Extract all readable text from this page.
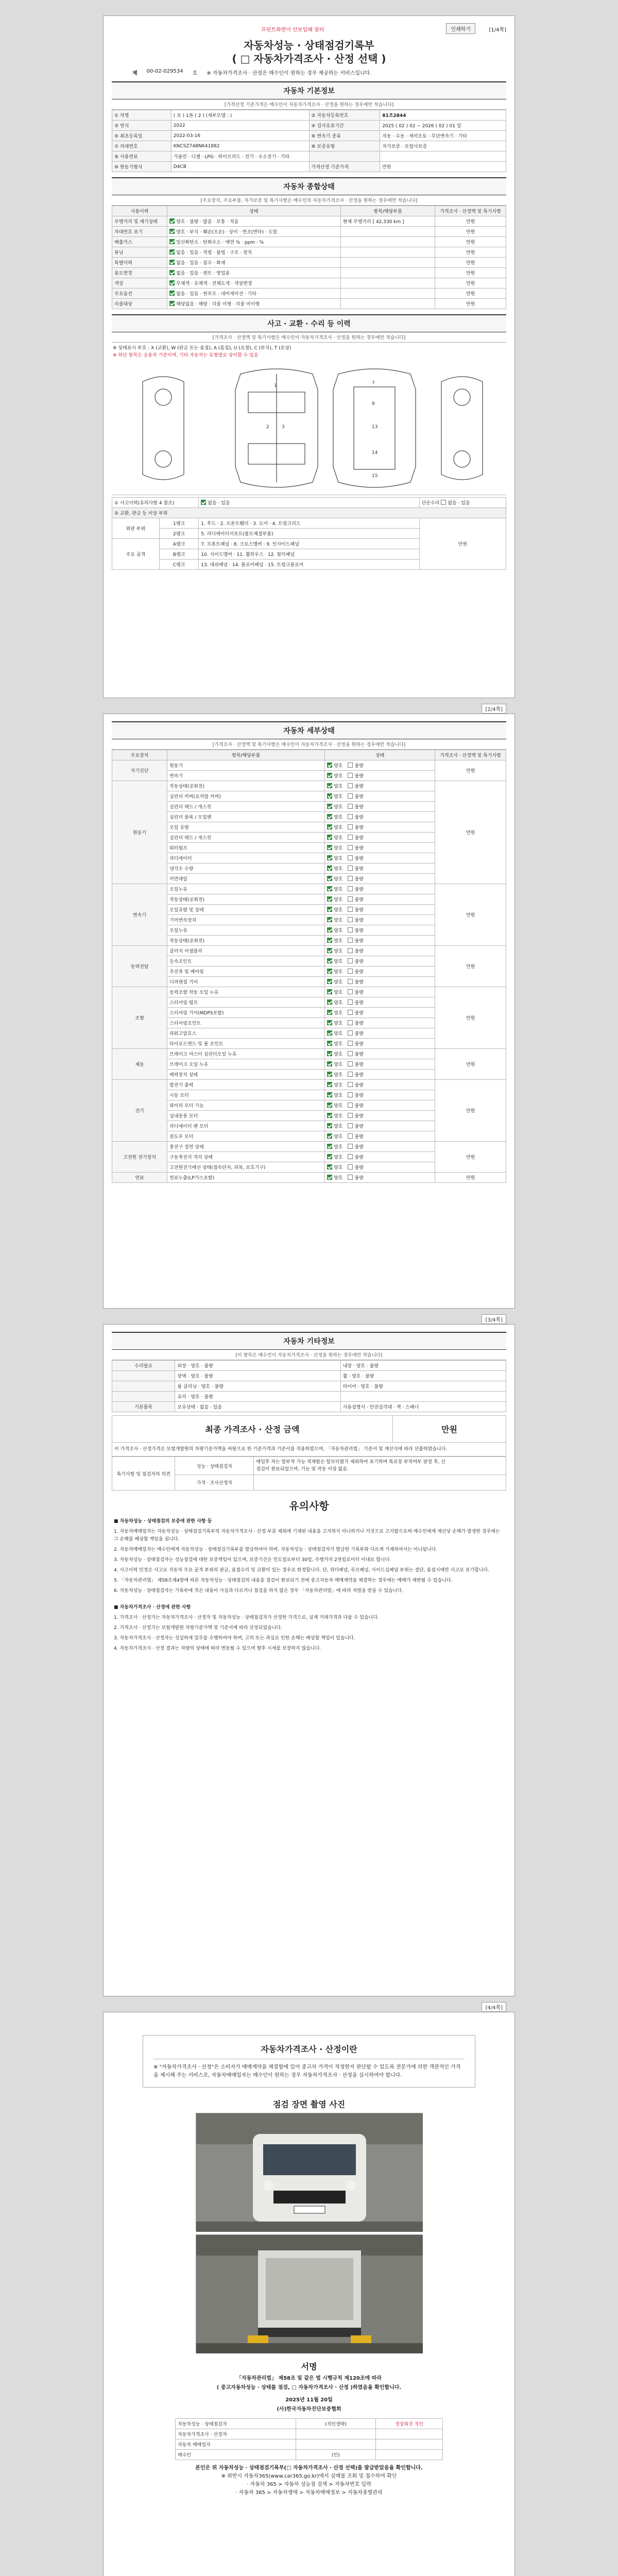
프린트화면이 안보일때 필터	인쇄하기	[1/4쪽]
자동차성능 · 상태점검기록부
( □ 자동차가격조사 · 산정 선택 )
제 00-02-029534 호 ※ 자동차가격조사 · 산정은 매수인이 원하는 경우 제공하는 서비스입니다.
자동차 기본정보
[가격산정 기준가격은 매수인이 자동차가격조사 · 산정을 원하는 경우에만 적습니다]
① 차명	( 포 ) 1톤 ( 2 ) (세부모델 : )	② 자동차등록번호	81조2844
③ 연식	2022	④ 검사유효기간	2025 ( 02 ) 02 ~ 2026 ( 02 ) 01 일
⑤ 최초등록일	2022-03-16	⑥ 변속기 종류	자동 · 수동 · 세미오토 · 무단변속기 · 기타
⑦ 차대번호	KNCSZ74BNK41882	⑧ 보증유형	자가보증 · 보험사보증
⑨ 사용연료	가솔린 · 디젤 · LPG · 하이브리드 · 전기 · 수소전기 · 기타		
⑩ 원동기형식	D4CB	가격산정 기준가격	만원
자동차 종합상태
[주요장치, 주요부품, 자가보증 및 특기사항은 매수인의 자동차가격조사 · 산정을 원하는 경우에만 적습니다]
사용이력	상태	항목/해당부품	가격조사 · 산정액 및 특기사항
주행거리 및 계기상태	양호 · 불량 · 많음 · 보통 · 적음	현재 주행거리 [ 42,330 km ]	만원
차대번호 표기	양호 · 부식 · 훼손(오손) · 상이 · 변조(변타) · 도말		만원
배출가스	일산화탄소 · 탄화수소 · 매연 % · ppm · %		만원
튜닝	없음 · 있음 · 적법 · 불법 · 구조 · 장치		만원
특별이력	없음 · 있음 · 침수 · 화재		만원
용도변경	없음 · 있음 · 렌트 · 영업용		만원
색상	무채색 · 유채색 · 전체도색 · 색상변경		만원
주요옵션	없음 · 있음 · 썬루프 · 네비게이션 · 기타		만원
리콜대상	해당없음 · 해당 · 리콜 이행 · 리콜 미이행		만원
사고 · 교환 · 수리 등 이력
[가격조사 · 산정액 및 특기사항은 매수인이 자동차가격조사 · 산정을 원하는 경우에만 적습니다]
※ 상태표시 부호 : X (교환), W (판금 또는 용접), A (흠집), U (요철), C (부식), T (손상)
※ 하단 항목은 승용차 기준이며, 기타 자동차는 유형별로 상이할 수 있음
1
2	3
7
8
13
14
15
① 사고이력(유의사항 4 참조)		없음 · 있음	단순수리 없음 · 있음
② 교환, 판금 등 이상 부위			
외판 부위	1랭크	1. 후드 · 2. 프론트휀더 · 3. 도어 · 4. 트렁크리드	만원
	2랭크	5. 라디에이터서포트(볼트체결부품)	
주요 골격	A랭크	7. 프론트패널 · 8. 크로스멤버 · 9. 인사이드패널	
	B랭크	10. 사이드멤버 · 11. 휠하우스 · 12. 필러패널	
	C랭크	13. 대쉬패널 · 14. 플로어패널 · 15. 트렁크플로어	
[2/4쪽]
자동차 세부상태
[가격조사 · 산정액 및 특기사항은 매수인이 자동차가격조사 · 산정을 원하는 경우에만 적습니다]
주요장치	항목/해당부품	상태	가격조사 · 산정액 및 특기사항
자기진단	원동기	양호 불량	만원
	변속기	양호 불량	
원동기	작동상태(공회전)	양호 불량	만원
	실린더 커버(로커암 커버)	양호 불량	
	실린더 헤드 / 개스킷	양호 불량	
	실린더 블록 / 오일팬	양호 불량	
	오일 유량	양호 불량	
	실린더 헤드 / 개스킷	양호 불량	
	워터펌프	양호 불량	
	라디에이터	양호 불량	
	냉각수 수량	양호 불량	
	커먼레일	양호 불량	
변속기	오일누유	양호 불량	만원
	작동상태(공회전)	양호 불량	
	오일유량 및 상태	양호 불량	
	기어변속장치	양호 불량	
	오일누유	양호 불량	
	작동상태(공회전)	양호 불량	
동력전달	클러치 어셈블리	양호 불량	만원
	등속조인트	양호 불량	
	추진축 및 베어링	양호 불량	
	디퍼렌셜 기어	양호 불량	
조향	동력조향 작동 오일 누유	양호 불량	만원
	스티어링 펌프	양호 불량	
	스티어링 기어(MDPS포함)	양호 불량	
	스티어링조인트	양호 불량	
	파워고압호스	양호 불량	
	타이로드엔드 및 볼 조인트	양호 불량	
제동	브레이크 마스터 실린더오일 누유	양호 불량	만원
	브레이크 오일 누유	양호 불량	
	배력장치 상태	양호 불량	
전기	발전기 출력	양호 불량	만원
	시동 모터	양호 불량	
	와이퍼 모터 기능	양호 불량	
	실내송풍 모터	양호 불량	
	라디에이터 팬 모터	양호 불량	
	윈도우 모터	양호 불량	
고전원 전기장치	충전구 절연 상태	양호 불량	만원
	구동축전지 격리 상태	양호 불량	
	고전원전기배선 상태(접속단자, 피복, 보호기구)	양호 불량	
연료	연료누출(LP가스포함)	양호 불량	만원
[3/4쪽]
자동차 기타정보
[이 항목은 매수인이 자동차가격조사 · 산정을 원하는 경우에만 적습니다]
수리필요	외장 · 양호 · 불량	내장 · 양호 · 불량
	광택 · 양호 · 불량	휠 · 양호 · 불량
	룸 클리닝 · 양호 · 불량	타이어 · 양호 · 불량
	유리 · 양호 · 불량	
기본품목	보유상태 · 없음 · 있음	사용설명서 · 안전삼각대 · 잭 · 스패너
최종 가격조사 · 산정 금액	만원
이 가격조사 · 산정가격은 보험개발원의 차량기준가액을 바탕으로 한 기준가격과 기준서를 적용하였으며, 「자동차관리법」 기준서 및 계산식에 따라 산출하였습니다.
특기사항 및 점검자의 의견	성능 · 상태점검자	매입후 차는 탈부착 가능 적재함은 탈보터렸가 제외하여 표기하며 특요장 부착여부 판정 후, 신
점검이 완료되었으며, 기능 및 작동 이상 없음.

	가격 · 조사산정자	
유의사항

■ 자동차성능 · 상태점검의 보증에 관한 사항 등

1. 자동차매매업자는 자동차성능 · 상태점검기록부의 자동차가격조사 · 산정 부분 제외에 기재된 내용을 고지하지 아니하거나 거짓으로 고지함으로써 매수인에게 재산상 손해가 발생한 경우에는 그 손해를 배상할 책임을 집니다.

2. 자동차매매업자는 매수인에게 자동차성능 · 상태점검기록부를 발급하여야 하며, 자동차성능 · 상태점검자가 발급한 기록부와 다르게 기재하여서는 아니됩니다.

3. 자동차성능 · 상태점검자는 성능점검에 대한 보증책임이 있으며, 보증기간은 인도일로부터 30일, 주행거리 2천킬로미터 이내로 합니다.

4. 사고이력 인정은 사고로 자동차 주요 골격 부위의 판금, 용접수리 및 교환이 있는 경우로 한정합니다. 단, 쿼터패널, 루프패널, 사이드실패널 부위는 절단, 용접시에만 사고로 표기합니다.

5. 「자동차관리법」 제58조제4항에 따른 자동차성능 · 상태점검의 내용을 점검이 완료되기 전에 중고자동차 매매계약을 체결하는 경우에는 매매가 제한될 수 있습니다.

6. 자동차성능 · 상태점검자는 기록부에 적은 내용이 사실과 다르거나 점검을 하지 않은 경우 「자동차관리법」에 따라 처벌을 받을 수 있습니다.

■ 자동차가격조사 · 산정에 관한 사항

1. 가격조사 · 산정가는 자동차가격조사 · 산정자 및 자동차성능 · 상태점검자가 산정한 가격으로, 실제 거래가격과 다를 수 있습니다.

2. 가격조사 · 산정가는 보험개발원 차량기준가액 및 기준서에 따라 산정되었습니다.

3. 자동차가격조사 · 산정자는 성실하게 업무를 수행하여야 하며, 고의 또는 과실로 인한 손해는 배상할 책임이 있습니다.

4. 자동차가격조사 · 산정 결과는 차량의 상태에 따라 변동될 수 있으며 향후 시세를 보장하지 않습니다.

[4/4쪽]
자동차가격조사 · 산정이란
※ "자동차가격조사 · 산정"은 소비자가 매매계약을 체결함에 있어 중고차 가격이 적정한지 판단할 수 있도록 전문가에 의한 객관적인 가격을 제시해 주는 서비스로, 자동차매매업자는 매수인이 원하는 경우 자동차가격조사 · 산정을 실시하여야 합니다.
점검 장면 촬영 사진
서명
「자동차관리법」 제58조 및 같은 법 시행규칙 제120조에 따라
( 중고자동차성능 · 상태를 점검, □ 자동차가격조사 · 산정 )하였음을 확인합니다.
2025년 11월 20일
(사)한국자동차진단보증협회
자동차성능 · 상태점검자	(직인생략)	정상회진 직인
자동차가격조사 · 산정자		
자동차 매매업자		
매수인	(인)	
본인은 위 자동차성능 · 상태점검기록부(□ 자동차가격조사 · 산정 선택)를 발급받았음을 확인합니다.
※ 위반시 자동차365(www.car365.go.kr)에서 실매물 조회 및 접수하여 확인
· 자동차 365 > 자동차 성능점 검색 > 자동차번호 입력
· 자동차 365 > 자동차생애 > 자동차매매정보 > 자동차종별관리
